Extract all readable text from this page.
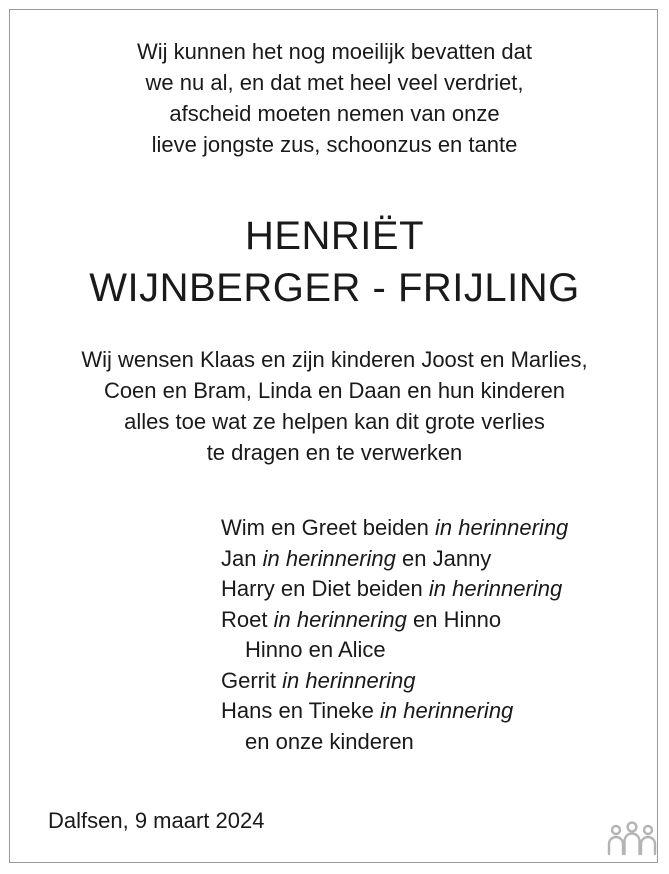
Wij kunnen het nog moeilijk bevatten dat
we nu al, en dat met heel veel verdriet,
afscheid moeten nemen van onze
lieve jongste zus, schoonzus en tante
HENRIËT
WIJNBERGER - FRIJLING
Wij wensen Klaas en zijn kinderen Joost en Marlies,
Coen en Bram, Linda en Daan en hun kinderen
alles toe wat ze helpen kan dit grote verlies
te dragen en te verwerken
Wim en Greet beiden in herinnering
Jan in herinnering en Janny
Harry en Diet beiden in herinnering
Roet in herinnering en Hinno
Hinno en Alice
Gerrit in herinnering
Hans en Tineke in herinnering
en onze kinderen
Dalfsen, 9 maart 2024
